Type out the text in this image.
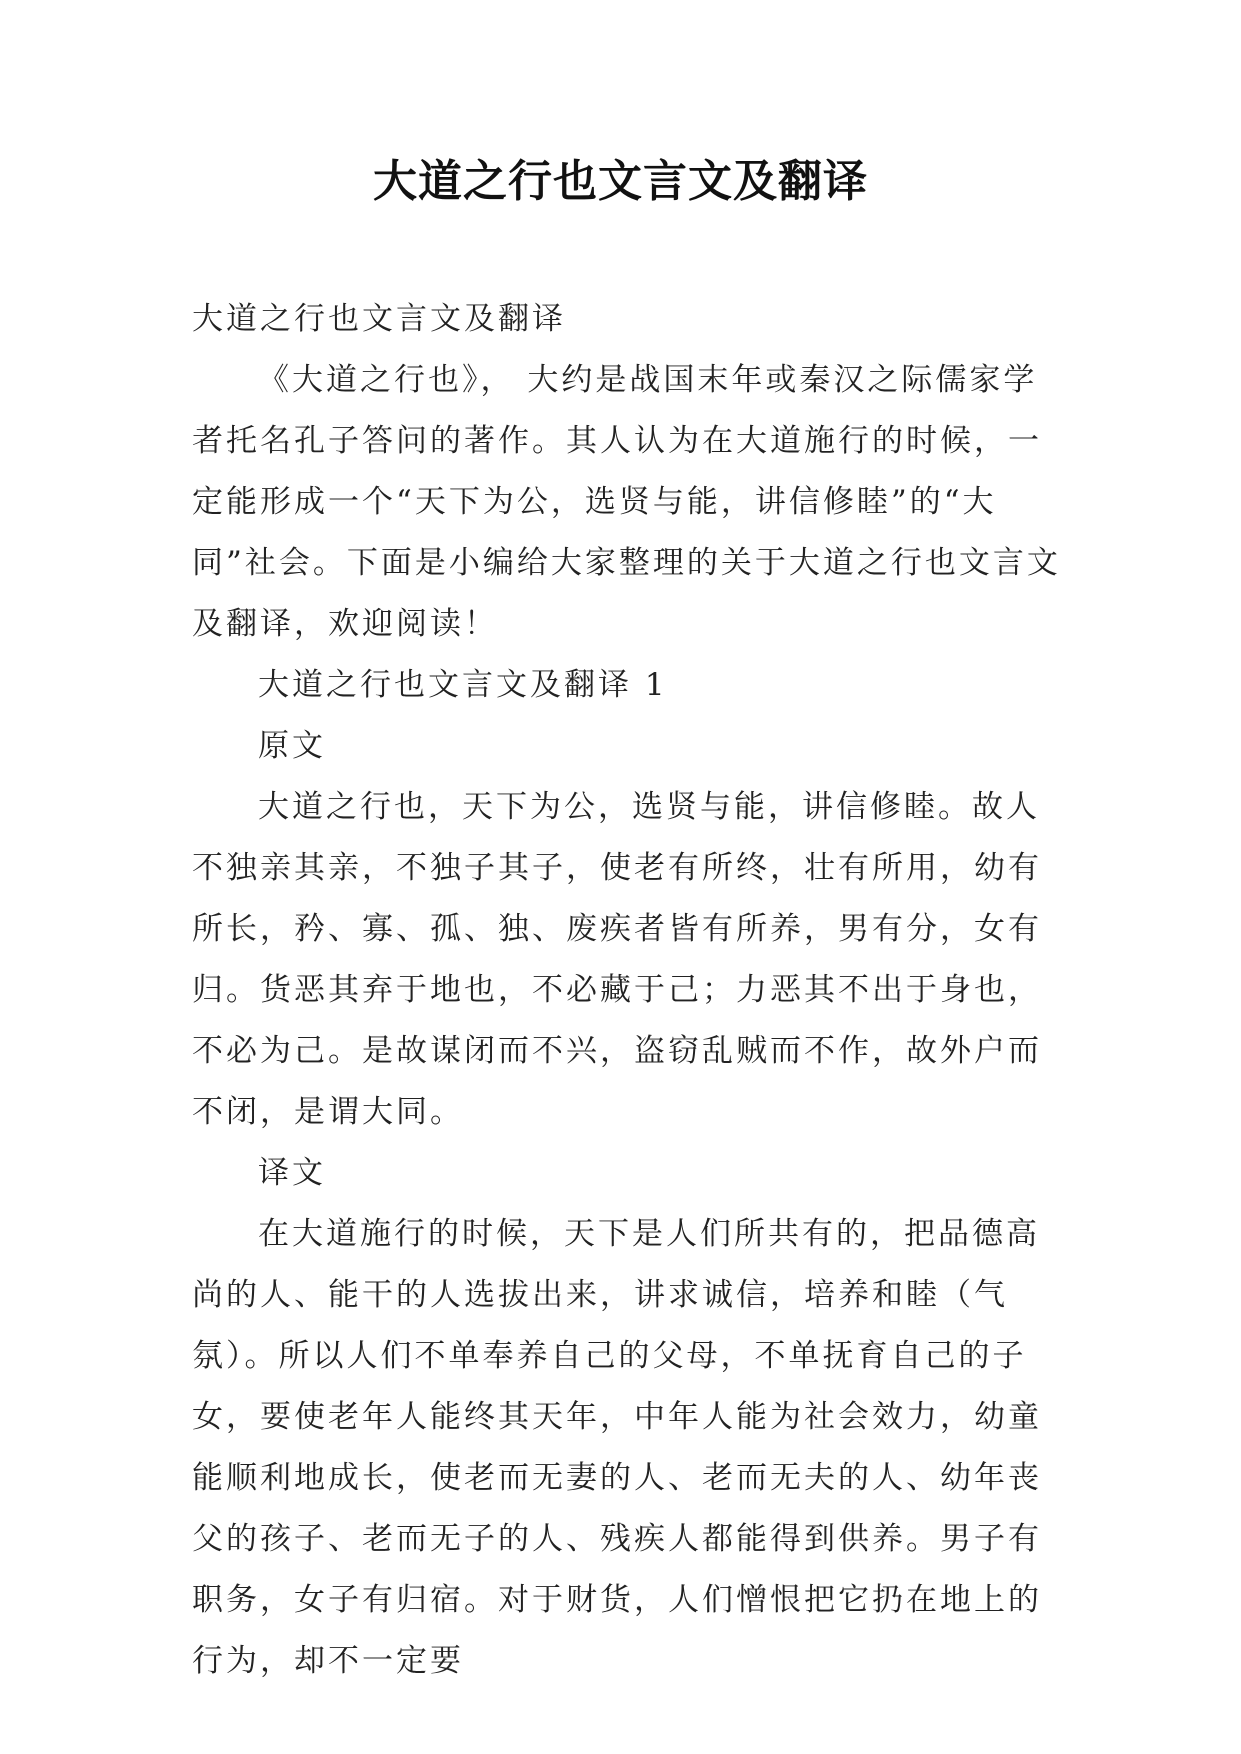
大道之行也文言文及翻译

大道之行也文言文及翻译

《大道之行也》， 大约是战国末年或秦汉之际儒家学者托名孔子答问的著作。其人认为在大道施行的时候，一定能形成一个“天下为公，选贤与能，讲信修睦”的“大同”社会。下面是小编给大家整理的关于大道之行也文言文及翻译，欢迎阅读！

大道之行也文言文及翻译 1

原文

大道之行也，天下为公，选贤与能，讲信修睦。故人不独亲其亲，不独子其子，使老有所终，壮有所用，幼有所长，矜、寡、孤、独、废疾者皆有所养，男有分，女有归。货恶其弃于地也，不必藏于己；力恶其不出于身也，不必为己。是故谋闭而不兴，盗窃乱贼而不作，故外户而不闭，是谓大同。

译文

在大道施行的时候，天下是人们所共有的，把品德高尚的人、能干的人选拔出来，讲求诚信，培养和睦（气氛）。所以人们不单奉养自己的父母，不单抚育自己的子女，要使老年人能终其天年，中年人能为社会效力，幼童能顺利地成长，使老而无妻的人、老而无夫的人、幼年丧父的孩子、老而无子的人、残疾人都能得到供养。男子有职务，女子有归宿。对于财货，人们憎恨把它扔在地上的行为，却不一定要
